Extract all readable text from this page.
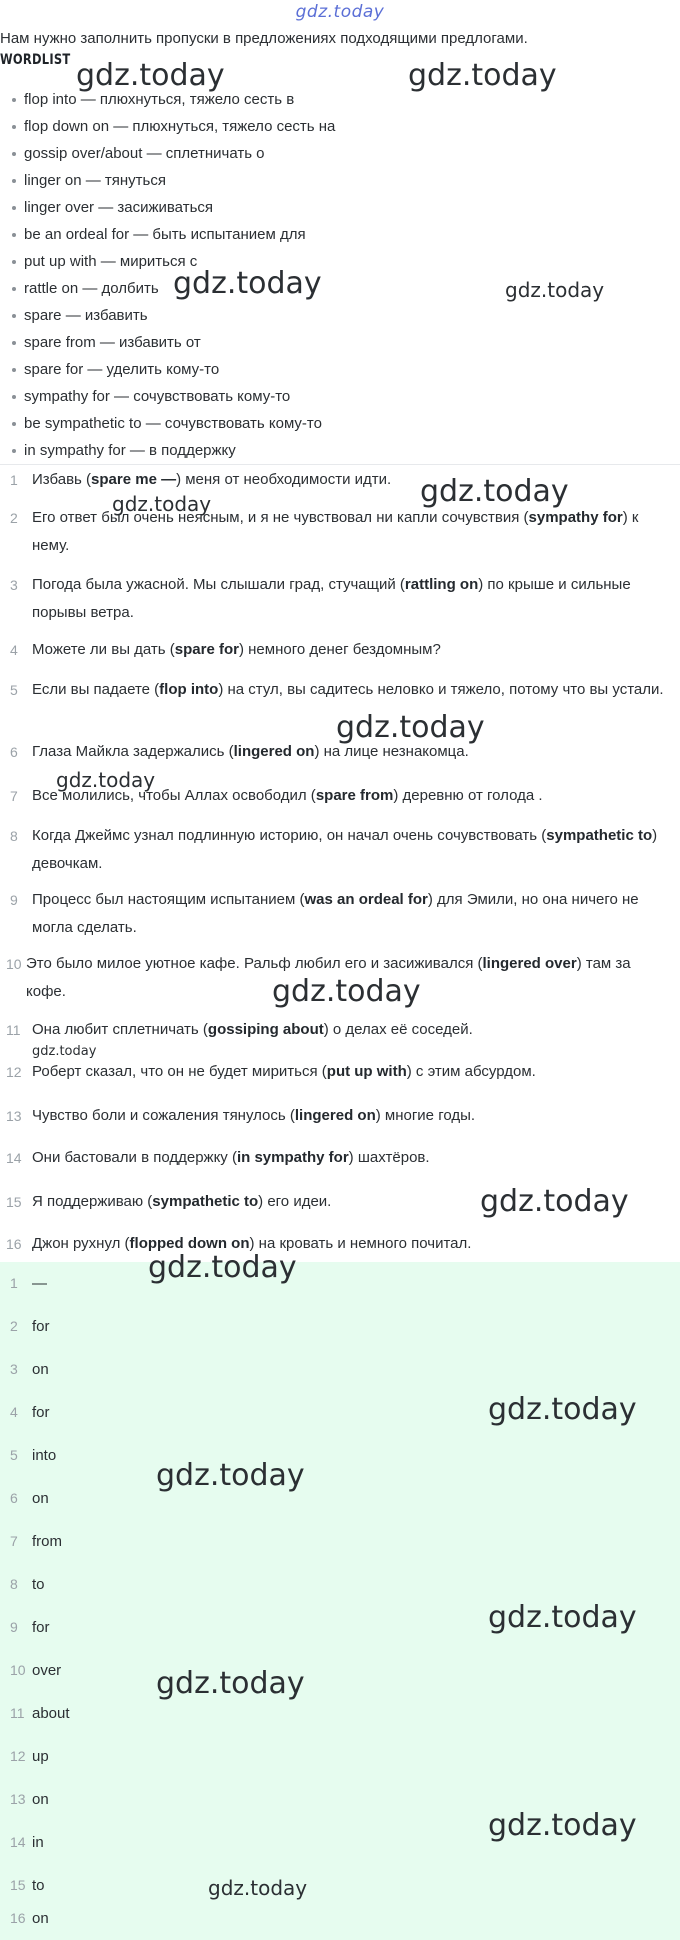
gdz.today
Нам нужно заполнить пропуски в предложениях подходящими предлогами.
WORDLIST
flop into — плюхнуться, тяжело сесть в
flop down on — плюхнуться, тяжело сесть на
gossip over/about — сплетничать о
linger on — тянуться
linger over — засиживаться
be an ordeal for — быть испытанием для
put up with — мириться с
rattle on — долбить
spare — избавить
spare from — избавить от
spare for — уделить кому-то
sympathy for — сочувствовать кому-то
be sympathetic to — сочувствовать кому-то
in sympathy for — в поддержку
1 Избавь (spare me —) меня от необходимости идти.
2 Его ответ был очень неясным, и я не чувствовал ни капли сочувствия (sympathy for) к нему.
3 Погода была ужасной. Мы слышали град, стучащий (rattling on) по крыше и сильные порывы ветра.
4 Можете ли вы дать (spare for) немного денег бездомным?
5 Если вы падаете (flop into) на стул, вы садитесь неловко и тяжело, потому что вы устали.
6 Глаза Майкла задержались (lingered on) на лице незнакомца.
7 Все молились, чтобы Аллах освободил (spare from) деревню от голода .
8 Когда Джеймс узнал подлинную историю, он начал очень сочувствовать (sympathetic to) девочкам.
9 Процесс был настоящим испытанием (was an ordeal for) для Эмили, но она ничего не могла сделать.
10 Это было милое уютное кафе. Ральф любил его и засиживался (lingered over) там за кофе.
11 Она любит сплетничать (gossiping about) о делах её соседей.
12 Роберт сказал, что он не будет мириться (put up with) с этим абсурдом.
13 Чувство боли и сожаления тянулось (lingered on) многие годы.
14 Они бастовали в поддержку (in sympathy for) шахтёров.
15 Я поддерживаю (sympathetic to) его идеи.
16 Джон рухнул (flopped down on) на кровать и немного почитал.
1 —
2 for
3 on
4 for
5 into
6 on
7 from
8 to
9 for
10 over
11 about
12 up
13 on
14 in
15 to
16 on
gdz.today	gdz.today
gdz.today	gdz.today
gdz.today
gdz.today
gdz.today
gdz.today
gdz.today
gdz.today
gdz.today
gdz.today
gdz.today
gdz.today
gdz.today
gdz.today
gdz.today
gdz.today
